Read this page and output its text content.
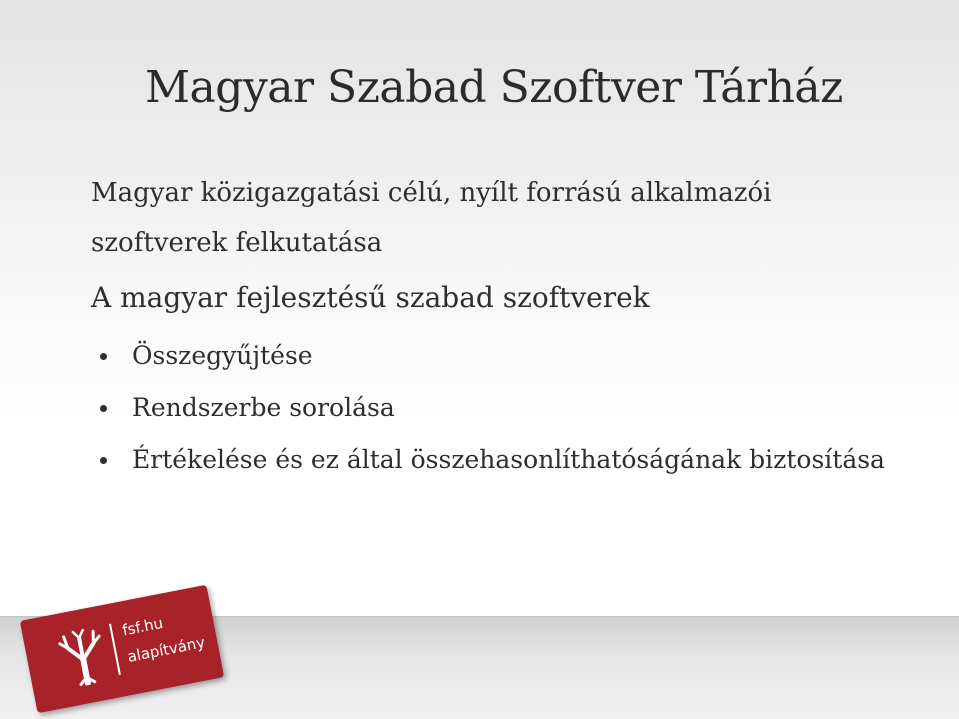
Magyar Szabad Szoftver Tárház
Magyar közigazgatási célú, nyílt forrású alkalmazói
szoftverek felkutatása
A magyar fejlesztésű szabad szoftverek
Összegyűjtése
Rendszerbe sorolása
Értékelése és ez által összehasonlíthatóságának biztosítása
fsf.hu
alapítvány
